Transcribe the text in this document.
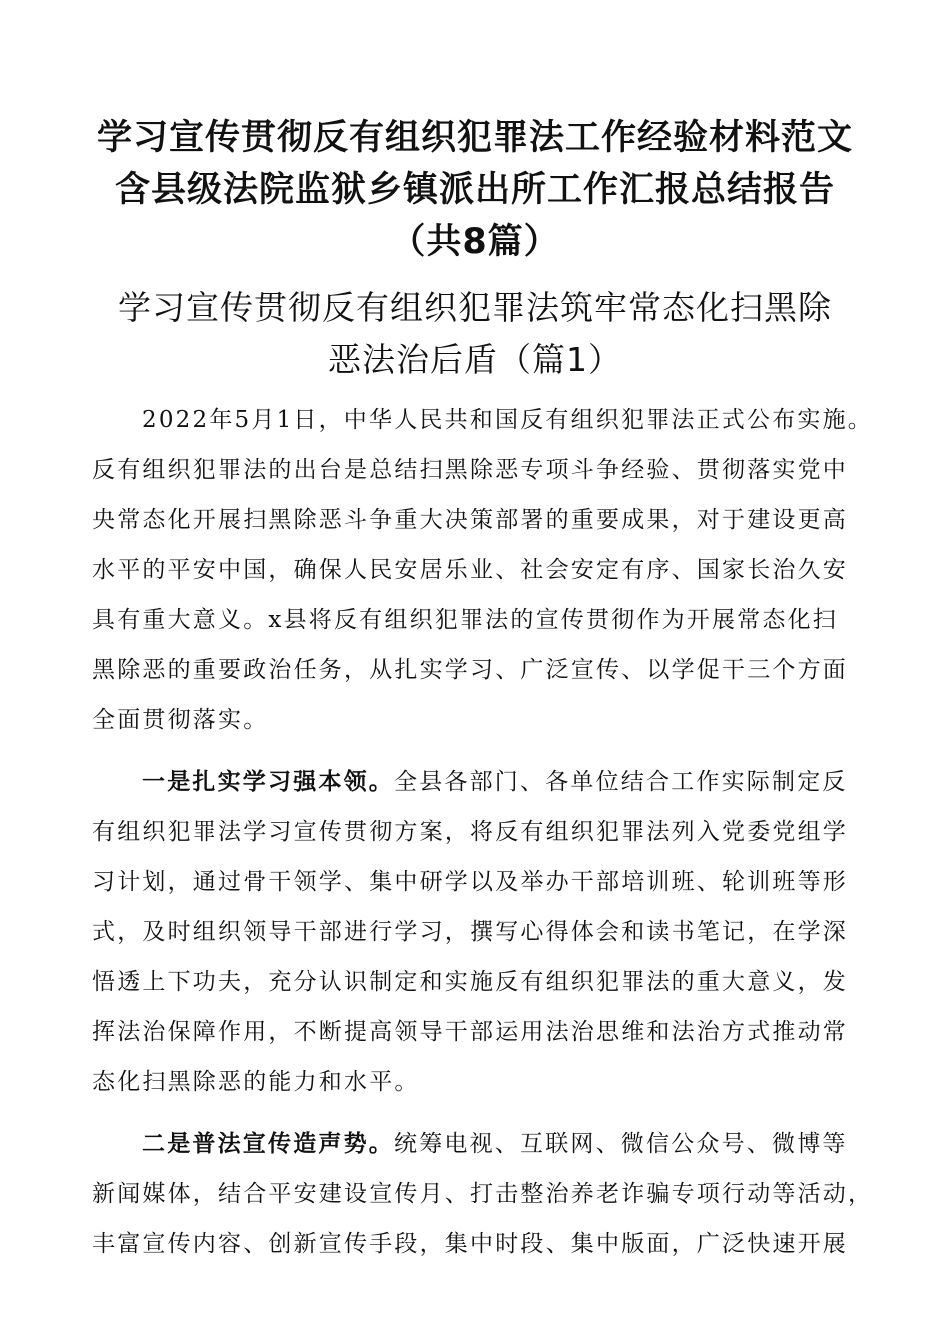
学习宣传贯彻反有组织犯罪法工作经验材料范文
含县级法院监狱乡镇派出所工作汇报总结报告
（共8篇）
学习宣传贯彻反有组织犯罪法筑牢常态化扫黑除
恶法治后盾（篇1）

2022年5月1日，中华人民共和国反有组织犯罪法正式公布实施。
反有组织犯罪法的出台是总结扫黑除恶专项斗争经验、贯彻落实党中
央常态化开展扫黑除恶斗争重大决策部署的重要成果，对于建设更高
水平的平安中国，确保人民安居乐业、社会安定有序、国家长治久安
具有重大意义。x县将反有组织犯罪法的宣传贯彻作为开展常态化扫
黑除恶的重要政治任务，从扎实学习、广泛宣传、以学促干三个方面
全面贯彻落实。

一是扎实学习强本领。全县各部门、各单位结合工作实际制定反
有组织犯罪法学习宣传贯彻方案，将反有组织犯罪法列入党委党组学
习计划，通过骨干领学、集中研学以及举办干部培训班、轮训班等形
式，及时组织领导干部进行学习，撰写心得体会和读书笔记，在学深
悟透上下功夫，充分认识制定和实施反有组织犯罪法的重大意义，发
挥法治保障作用，不断提高领导干部运用法治思维和法治方式推动常
态化扫黑除恶的能力和水平。

二是普法宣传造声势。统筹电视、互联网、微信公众号、微博等
新闻媒体，结合平安建设宣传月、打击整治养老诈骗专项行动等活动，
丰富宣传内容、创新宣传手段，集中时段、集中版面，广泛快速开展
